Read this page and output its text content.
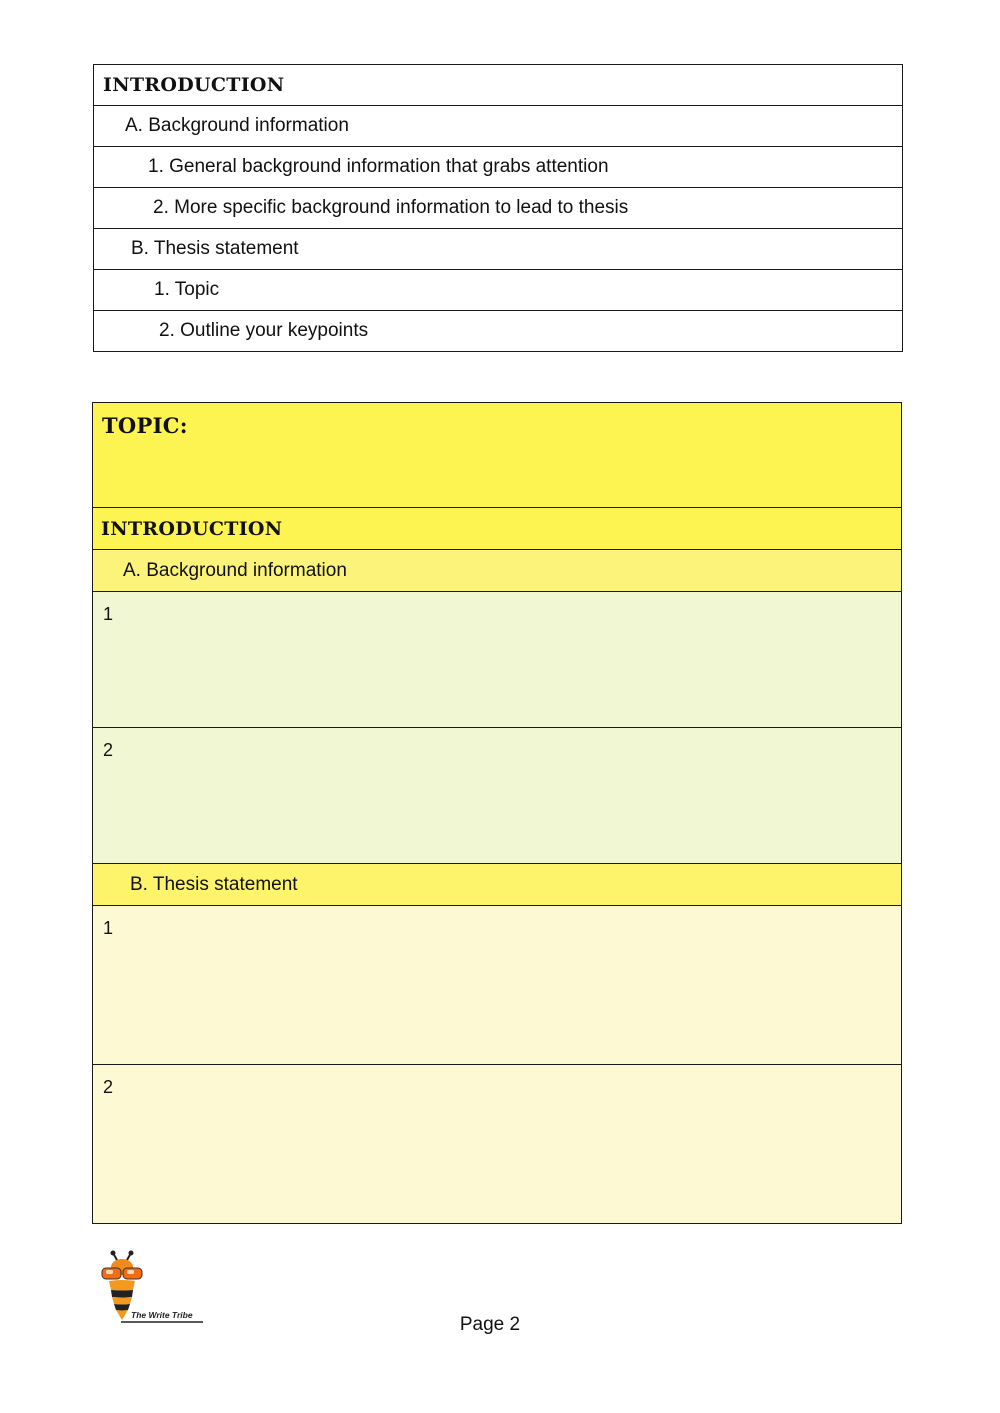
INTRODUCTION
A. Background information
1. General background information that grabs attention
2. More specific background information to lead to thesis
B. Thesis statement
1. Topic
2. Outline your keypoints
TOPIC:
INTRODUCTION
A. Background information
1
2
B. Thesis statement
1
2
The Write Tribe	Page 2
